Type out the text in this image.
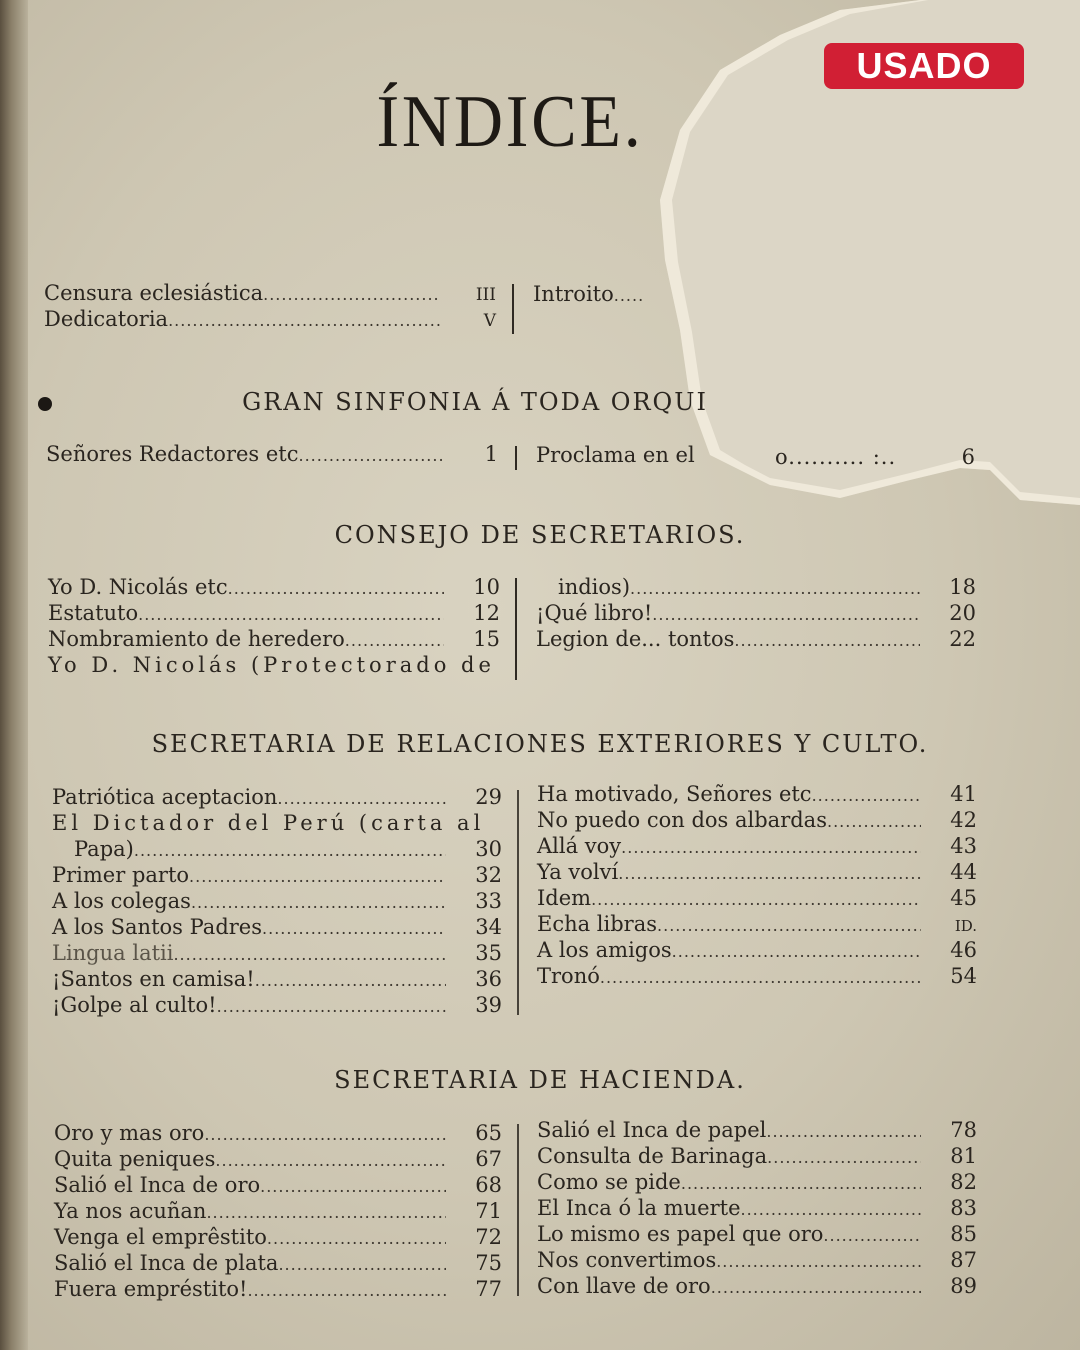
USADO
ÍNDICE.
Censura eclesiástica .....	III
Dedicatoria .....	V
Introito .....
GRAN SINFONIA Á TODA ORQUI
Señores Redactores etc .....	1 Proclama en el	o.......... :..	6
CONSEJO DE SECRETARIOS.
Yo D. Nicolás etc .....	10
Estatuto .....	12
Nombramiento de heredero .....	15
Yo D. Nicolás (Protectorado de
indios) .....	18
¡Qué libro! .....	20
Legion de... tontos .....	22
SECRETARIA DE RELACIONES EXTERIORES Y CULTO.
Patriótica aceptacion .....	29
El Dictador del Perú (carta al
Papa) .....	30
Primer parto .....	32
A los colegas .....	33
A los Santos Padres .....	34
Lingua latii .....	35
¡Santos en camisa! .....	36
¡Golpe al culto! .....	39
Ha motivado, Señores etc .....	41
No puedo con dos albardas .....	42
Allá voy .....	43
Ya volví .....	44
Idem .....	45
Echa libras .....	ID.
A los amigos .....	46
Tronó .....	54
SECRETARIA DE HACIENDA.
Oro y mas oro .....	65
Quita peniques .....	67
Salió el Inca de oro .....	68
Ya nos acuñan .....	71
Venga el emprêstito .....	72
Salió el Inca de plata .....	75
Fuera empréstito! .....	77
Salió el Inca de papel .....	78
Consulta de Barinaga .....	81
Como se pide .....	82
El Inca ó la muerte .....	83
Lo mismo es papel que oro .....	85
Nos convertimos .....	87
Con llave de oro .....	89
